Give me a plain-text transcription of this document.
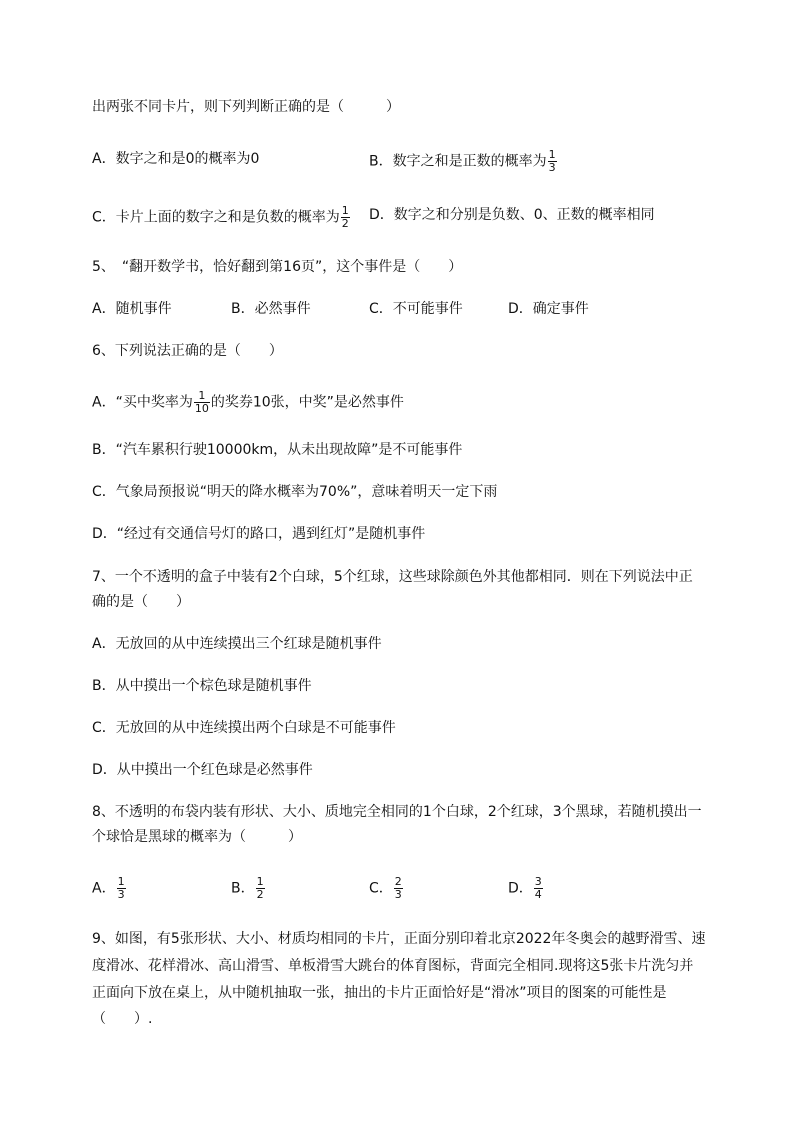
出两张不同卡片，则下列判断正确的是（　　　）
A．数字之和是0的概率为0	B．数字之和是正数的概率为 $\frac{1}{3}$
C．卡片上面的数字之和是负数的概率为 $\frac{1}{2}$ D．数字之和分别是负数、0、正数的概率相同
5、　“翻开数学书，恰好翻到第16页”，这个事件是（　　）
A．随机事件	B．必然事件	C．不可能事件	D．确定事件
6、下列说法正确的是（　　）
A．“买中奖率为 $\frac{1}{10}$ 的奖券10张，中奖”是必然事件
B．“汽车累积行驶10000km，从未出现故障”是不可能事件
C．气象局预报说“明天的降水概率为70%”，意味着明天一定下雨
D．“经过有交通信号灯的路口，遇到红灯”是随机事件
7、一个不透明的盒子中装有2个白球，5个红球，这些球除颜色外其他都相同．则在下列说法中正
确的是（　　）
A．无放回的从中连续摸出三个红球是随机事件
B．从中摸出一个棕色球是随机事件
C．无放回的从中连续摸出两个白球是不可能事件
D．从中摸出一个红色球是必然事件
8、不透明的布袋内装有形状、大小、质地完全相同的1个白球，2个红球，3个黑球，若随机摸出一
个球恰是黑球的概率为（　　　）
A． $\frac{1}{3}$	B． $\frac{1}{2}$	C． $\frac{2}{3}$	D． $\frac{3}{4}$
9、如图，有5张形状、大小、材质均相同的卡片，正面分别印着北京2022年冬奥会的越野滑雪、速
度滑冰、花样滑冰、高山滑雪、单板滑雪大跳台的体育图标，背面完全相同.现将这5张卡片洗匀并
正面向下放在桌上，从中随机抽取一张，抽出的卡片正面恰好是“滑冰”项目的图案的可能性是
（　　）.
